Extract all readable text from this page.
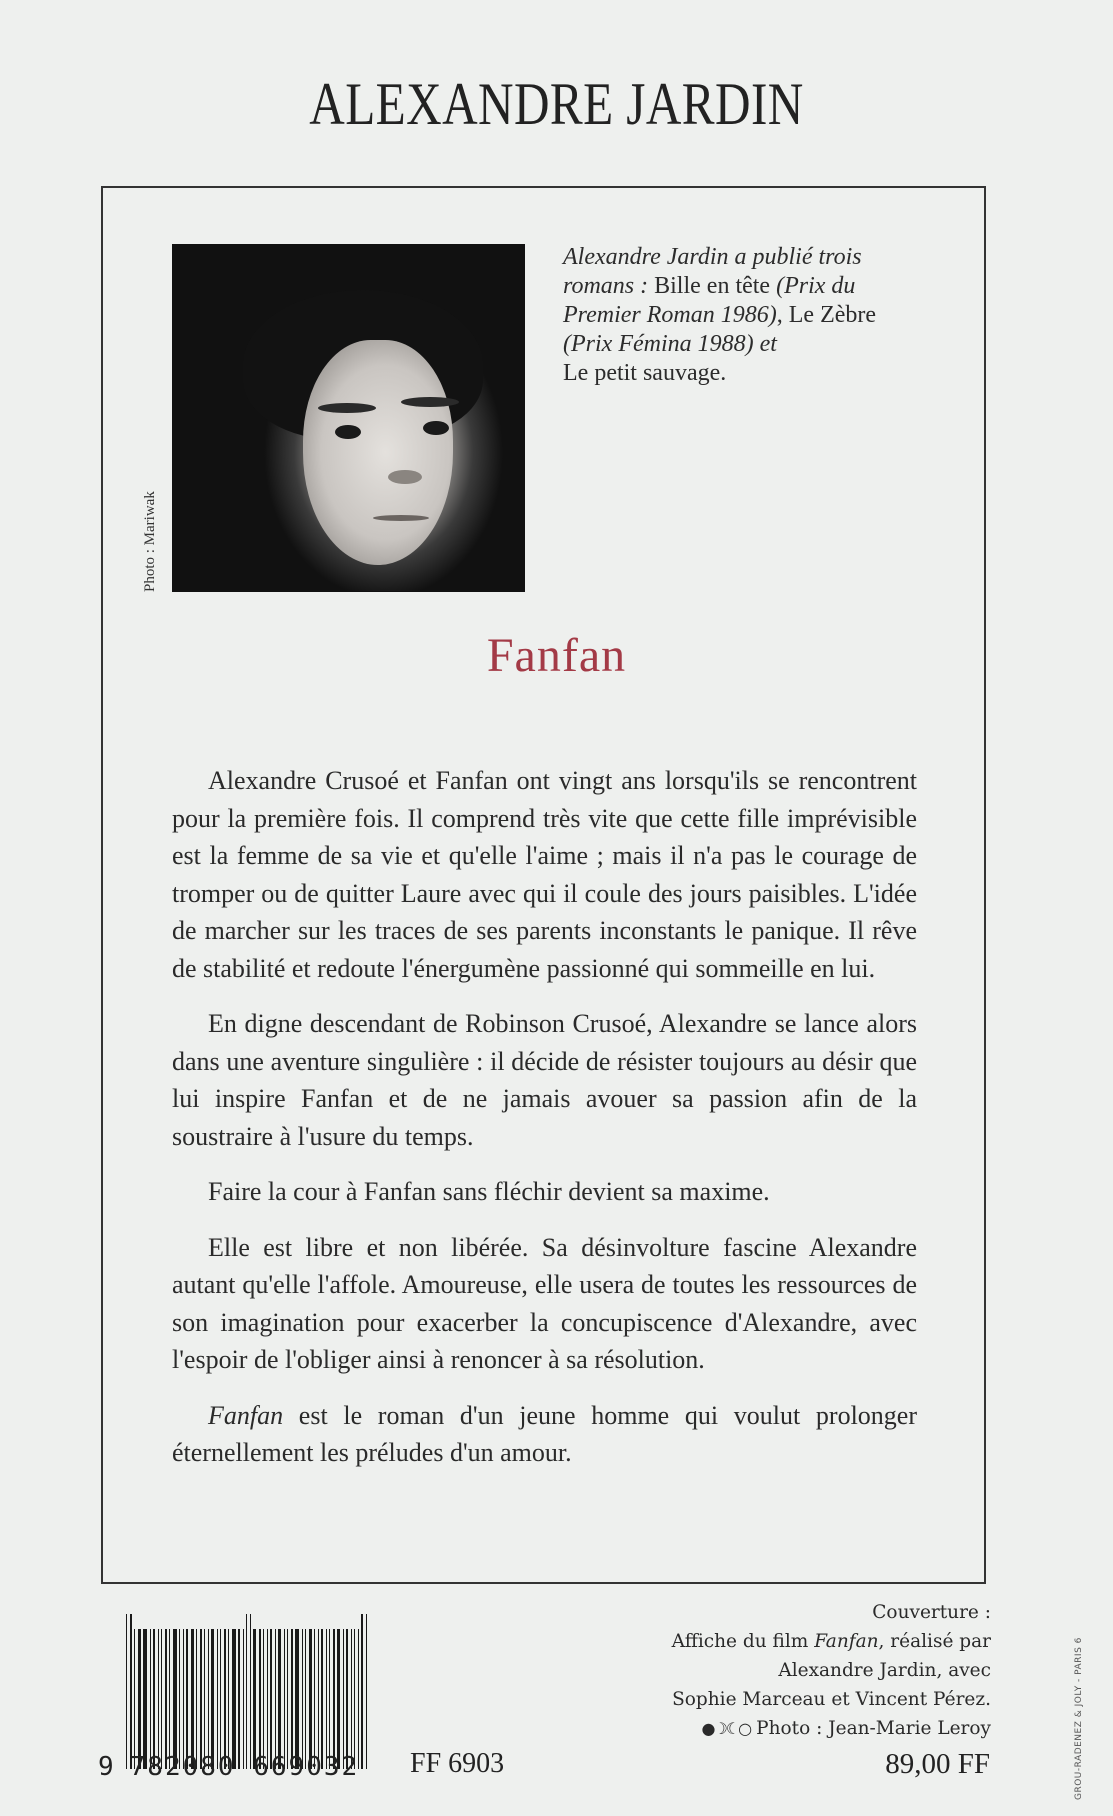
ALEXANDRE JARDIN
Photo : Mariwak
Alexandre Jardin a publié trois romans : Bille en tête (Prix du Premier Roman 1986), Le Zèbre (Prix Fémina 1988) et
Le petit sauvage.
Fanfan

Alexandre Crusoé et Fanfan ont vingt ans lorsqu'ils se rencontrent pour la première fois. Il comprend très vite que cette fille imprévisible est la femme de sa vie et qu'elle l'aime ; mais il n'a pas le courage de tromper ou de quitter Laure avec qui il coule des jours paisibles. L'idée de marcher sur les traces de ses parents inconstants le panique. Il rêve de stabilité et redoute l'énergumène passionné qui sommeille en lui.

En digne descendant de Robinson Crusoé, Alexandre se lance alors dans une aventure singulière : il décide de résister toujours au désir que lui inspire Fanfan et de ne jamais avouer sa passion afin de la soustraire à l'usure du temps.

Faire la cour à Fanfan sans fléchir devient sa maxime.

Elle est libre et non libérée. Sa désinvolture fascine Alexandre autant qu'elle l'affole. Amoureuse, elle usera de toutes les ressources de son imagination pour exacerber la concupiscence d'Alexandre, avec l'espoir de l'obliger ainsi à renoncer à sa résolution.

Fanfan est le roman d'un jeune homme qui voulut prolonger éternellement les préludes d'un amour.

9 782080 669032 FF 6903
Couverture :
Affiche du film Fanfan, réalisé par
Alexandre Jardin, avec
Sophie Marceau et Vincent Pérez.
●☽☾○ Photo : Jean-Marie Leroy
89,00 FF	GROU-RADENEZ & JOLY - PARIS 6
